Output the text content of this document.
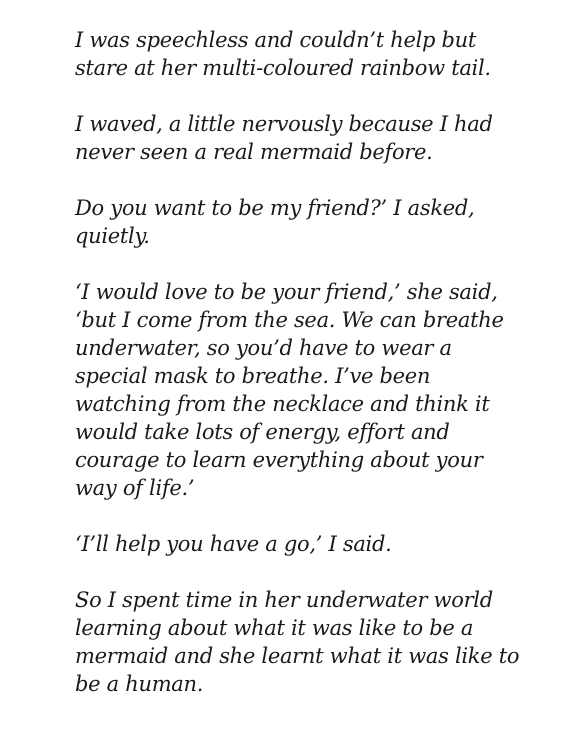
I was speechless and couldn’t help but
stare at her multi-coloured rainbow tail.

I waved, a little nervously because I had
never seen a real mermaid before.

Do you want to be my friend?’ I asked,
quietly.

‘I would love to be your friend,’ she said,
‘but I come from the sea. We can breathe
underwater, so you’d have to wear a
special mask to breathe. I’ve been
watching from the necklace and think it
would take lots of energy, effort and
courage to learn everything about your
way of life.’

‘I’ll help you have a go,’ I said.

So I spent time in her underwater world
learning about what it was like to be a
mermaid and she learnt what it was like to
be a human.
